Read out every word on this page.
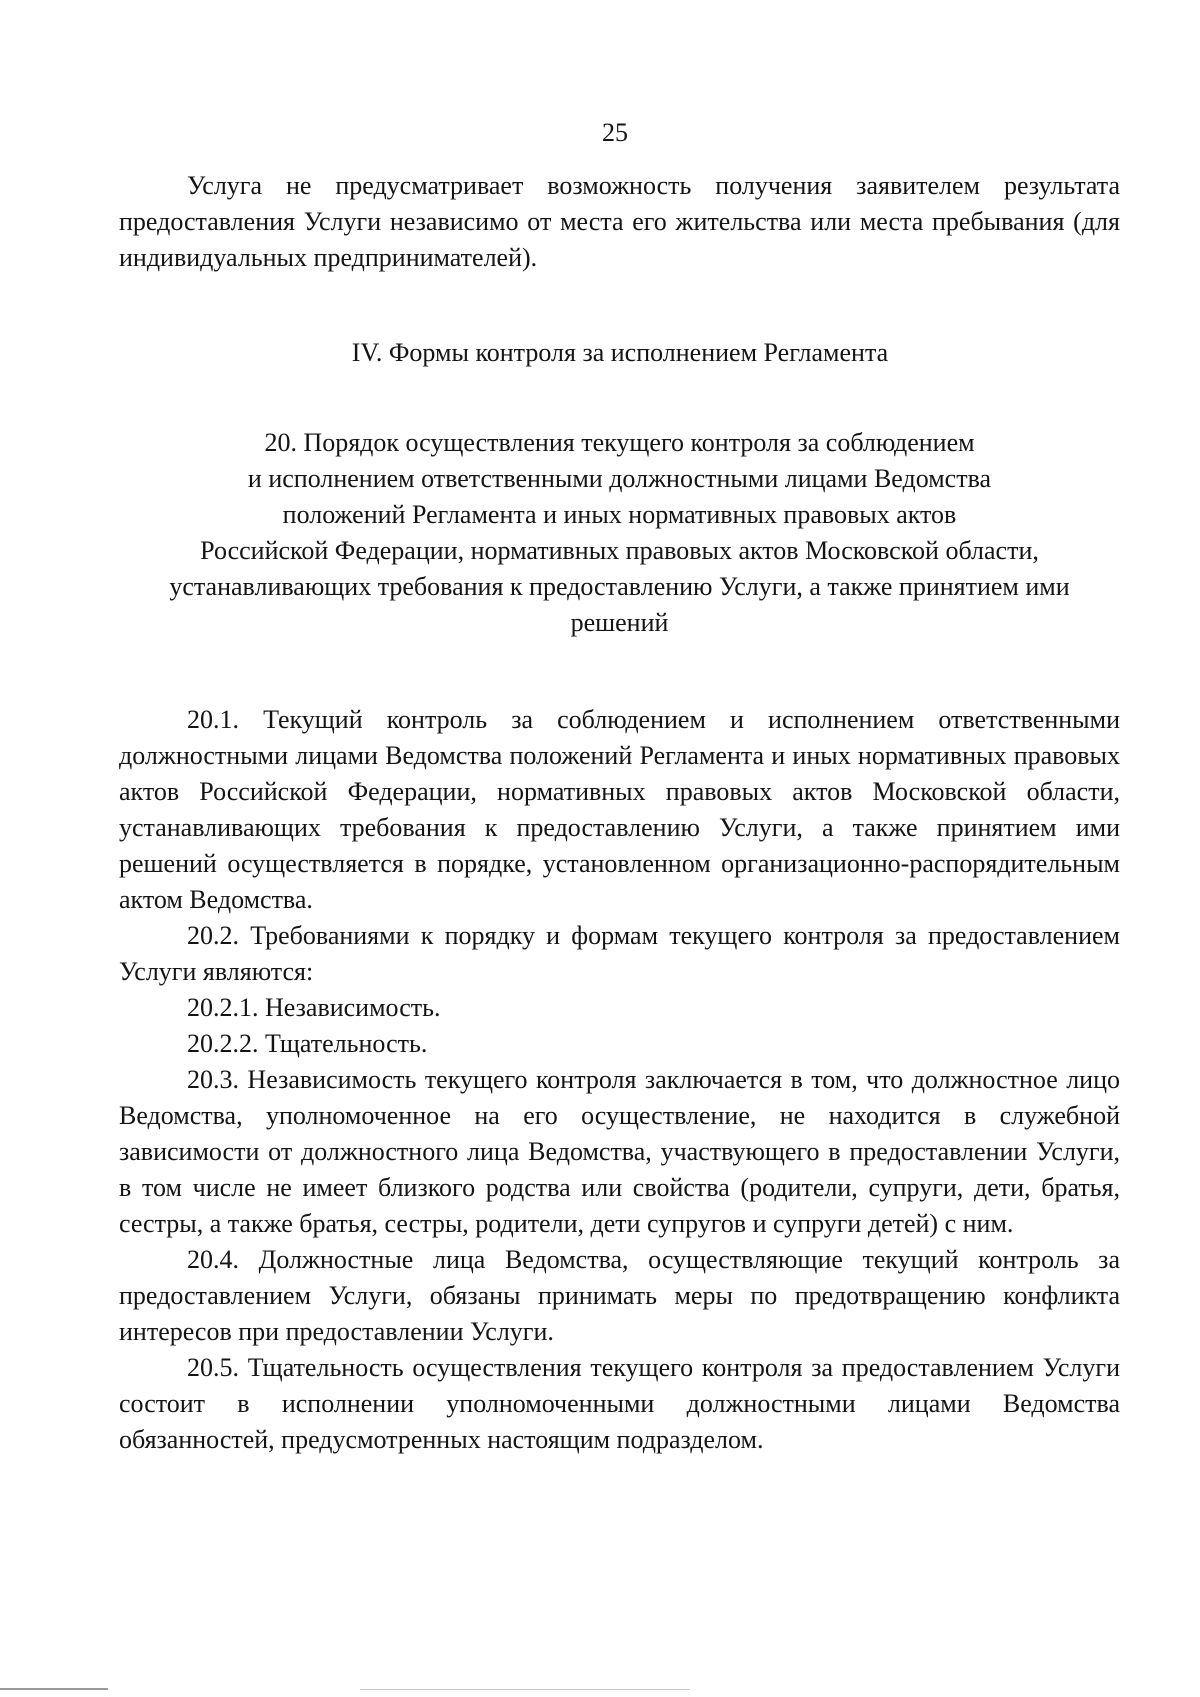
25

Услуга не предусматривает возможность получения заявителем результата предоставления Услуги независимо от места его жительства или места пребывания (для индивидуальных предпринимателей).

IV. Формы контроля за исполнением Регламента
20. Порядок осуществления текущего контроля за соблюдением
и исполнением ответственными должностными лицами Ведомства
положений Регламента и иных нормативных правовых актов
Российской Федерации, нормативных правовых актов Московской области,
устанавливающих требования к предоставлению Услуги, а также принятием ими
решений

20.1. Текущий контроль за соблюдением и исполнением ответственными должностными лицами Ведомства положений Регламента и иных нормативных правовых актов Российской Федерации, нормативных правовых актов Московской области, устанавливающих требования к предоставлению Услуги, а также принятием ими решений осуществляется в порядке, установленном организационно-распорядительным актом Ведомства.

20.2. Требованиями к порядку и формам текущего контроля за предоставлением Услуги являются:

20.2.1. Независимость.

20.2.2. Тщательность.

20.3. Независимость текущего контроля заключается в том, что должностное лицо Ведомства, уполномоченное на его осуществление, не находится в служебной зависимости от должностного лица Ведомства, участвующего в предоставлении Услуги, в том числе не имеет близкого родства или свойства (родители, супруги, дети, братья, сестры, а также братья, сестры, родители, дети супругов и супруги детей) с ним.

20.4. Должностные лица Ведомства, осуществляющие текущий контроль за предоставлением Услуги, обязаны принимать меры по предотвращению конфликта интересов при предоставлении Услуги.

20.5. Тщательность осуществления текущего контроля за предоставлением Услуги состоит в исполнении уполномоченными должностными лицами Ведомства обязанностей, предусмотренных настоящим подразделом.
